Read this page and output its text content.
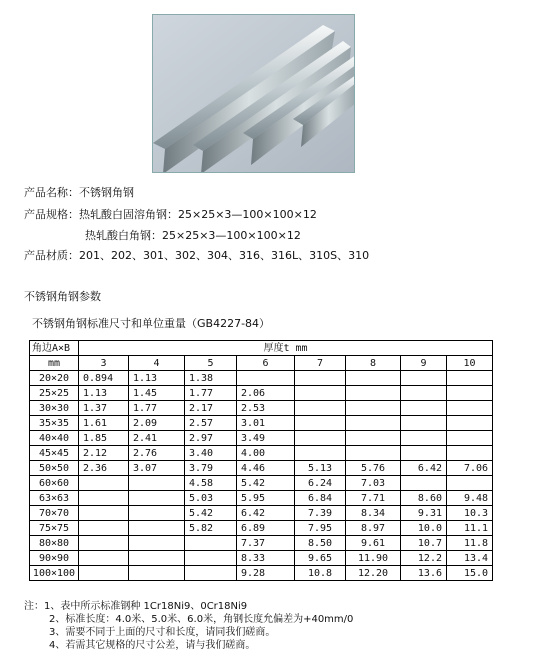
产品名称：不锈钢角钢
产品规格：热轧酸白固溶角钢：25×25×3—100×100×12
热轧酸白角钢：25×25×3—100×100×12
产品材质：201、202、301、302、304、316、316L、310S、310
不锈钢角钢参数
不锈钢角钢标准尺寸和单位重量（GB4227-84）
角边A×B	厚度t mm							
mm	3	4	5	6	7	8	9	10
20×20	0.894	1.13	1.38					
25×25	1.13	1.45	1.77	2.06				
30×30	1.37	1.77	2.17	2.53				
35×35	1.61	2.09	2.57	3.01				
40×40	1.85	2.41	2.97	3.49				
45×45	2.12	2.76	3.40	4.00				
50×50	2.36	3.07	3.79	4.46	5.13	5.76	6.42	7.06
60×60			4.58	5.42	6.24	7.03		
63×63			5.03	5.95	6.84	7.71	8.60	9.48
70×70			5.42	6.42	7.39	8.34	9.31	10.3
75×75			5.82	6.89	7.95	8.97	10.0	11.1
80×80				7.37	8.50	9.61	10.7	11.8
90×90				8.33	9.65	11.90	12.2	13.4
100×100				9.28	10.8	12.20	13.6	15.0
注：1、表中所示标准钢种 1Cr18Ni9、0Cr18Ni9
2、标准长度：4.0米、5.0米、6.0米，角钢长度允偏差为+40mm/0
3、需要不同于上面的尺寸和长度，请同我们磋商。
4、若需其它规格的尺寸公差，请与我们磋商。
